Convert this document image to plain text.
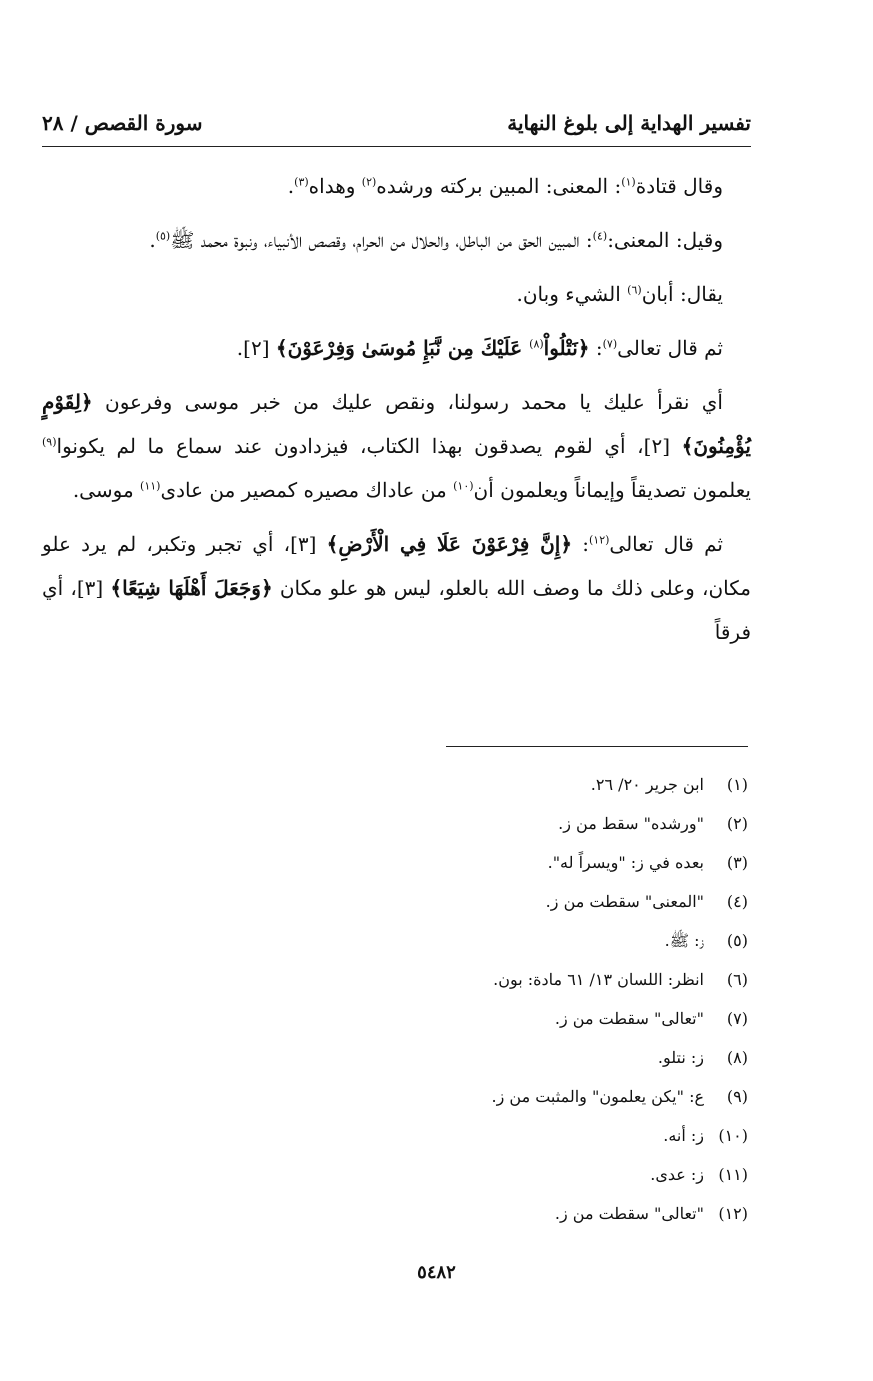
تفسير الهداية إلى بلوغ النهاية
سورة القصص / ٢٨

وقال قتادة$^{(١)}$: المعنى: المبين بركته ورشده$^{(٢)}$ وهداه$^{(٣)}$.

وقيل: المعنى:$^{(٤)}$: المبين الحق من الباطل، والحلال من الحرام، وقصص الأنبياء، ونبوة محمد ﷺ$^{(٥)}$.

يقال: أبان$^{(٦)}$ الشيء وبان.

ثم قال تعالى$^{(٧)}$: ﴿نَتْلُواْ$^{(٨)}$ عَلَيْكَ مِن نَّبَإِ مُوسَىٰ وَفِرْعَوْنَ﴾ [٢].

أي نقرأ عليك يا محمد رسولنا، ونقص عليك من خبر موسى وفرعون ﴿لِقَوْمٍ يُؤْمِنُونَ﴾ [٢]، أي لقوم يصدقون بهذا الكتاب، فيزدادون عند سماع ما لم يكونوا$^{(٩)}$ يعلمون تصديقاً وإيماناً ويعلمون أن$^{(١٠)}$ من عاداك مصيره كمصير من عادى$^{(١١)}$ موسى.

ثم قال تعالى$^{(١٢)}$: ﴿إِنَّ فِرْعَوْنَ عَلَا فِي الْأَرْضِ﴾ [٣]، أي تجبر وتكبر، لم يرد علو مكان، وعلى ذلك ما وصف الله بالعلو، ليس هو علو مكان ﴿وَجَعَلَ أَهْلَهَا شِيَعًا﴾ [٣]، أي فرقاً

(١)
ابن جرير ٢٠/ ٢٦.
(٢)
"ورشده" سقط من ز.
(٣)
بعده في ز: "ويسراً له".
(٤)
"المعنى" سقطت من ز.
(٥)
ز: ﷺ.
(٦)
انظر: اللسان ١٣/ ٦١ مادة: بون.
(٧)
"تعالى" سقطت من ز.
(٨)
ز: نتلو.
(٩)
ع: "يكن يعلمون" والمثبت من ز.
(١٠)
ز: أنه.
(١١)
ز: عدى.
(١٢)
"تعالى" سقطت من ز.
٥٤٨٢
